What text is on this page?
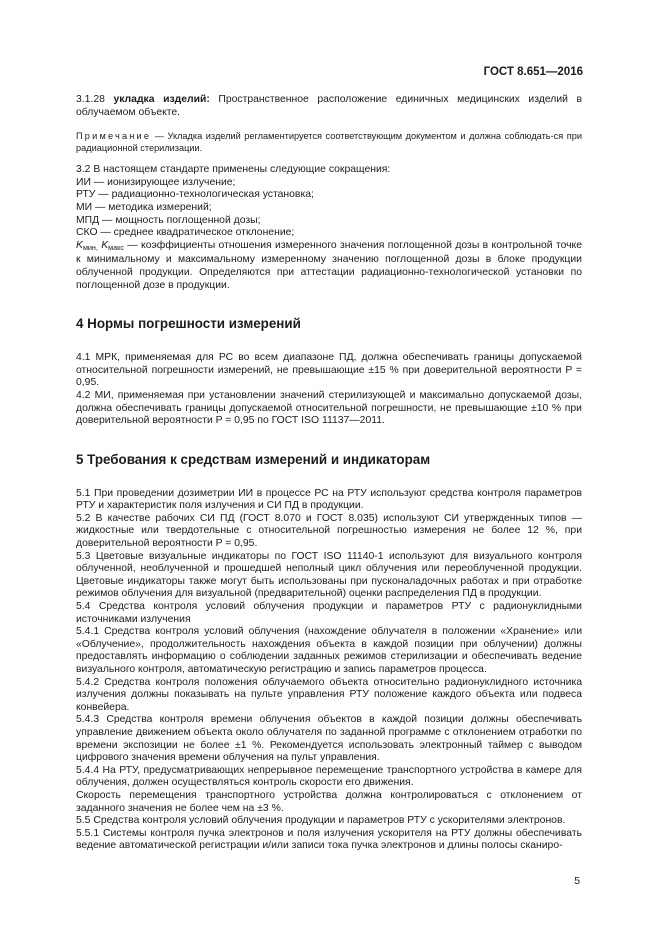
ГОСТ 8.651—2016

3.1.28 укладка изделий: Пространственное расположение единичных медицинских изделий в облучаемом объекте.

Примечание — Укладка изделий регламентируется соответствующим документом и должна соблюдать-ся при радиационной стерилизации.

3.2 В настоящем стандарте применены следующие сокращения:

ИИ — ионизирующее излучение;

РТУ — радиационно-технологическая установка;

МИ — методика измерений;

МПД — мощность поглощенной дозы;

СКО — среднее квадратическое отклонение;

$K_{мин,}$ $K_{макс}$ — коэффициенты отношения измеренного значения поглощенной дозы в контрольной точке к минимальному и максимальному измеренному значению поглощенной дозы в блоке продукции облученной продукции. Определяются при аттестации радиационно-технологической установки по поглощенной дозе в продукции.

4 Нормы погрешности измерений

4.1 МРК, применяемая для РС во всем диапазоне ПД, должна обеспечивать границы допускаемой относительной погрешности измерений, не превышающие ±15 % при доверительной вероятности P = 0,95.

4.2 МИ, применяемая при установлении значений стерилизующей и максимально допускаемой дозы, должна обеспечивать границы допускаемой относительной погрешности, не превышающие ±10 % при доверительной вероятности P = 0,95 по ГОСТ ISO 11137—2011.

5 Требования к средствам измерений и индикаторам

5.1 При проведении дозиметрии ИИ в процессе РС на РТУ используют средства контроля параметров РТУ и характеристик поля излучения и СИ ПД в продукции.

5.2 В качестве рабочих СИ ПД (ГОСТ 8.070 и ГОСТ 8.035) используют СИ утвержденных типов — жидкостные или твердотельные с относительной погрешностью измерения не более 12 %, при доверительной вероятности P = 0,95.

5.3 Цветовые визуальные индикаторы по ГОСТ ISO 11140-1 используют для визуального контроля облученной, необлученной и прошедшей неполный цикл облучения или переоблученной продукции. Цветовые индикаторы также могут быть использованы при пусконаладочных работах и при отработке режимов облучения для визуальной (предварительной) оценки распределения ПД в продукции.

5.4 Средства контроля условий облучения продукции и параметров РТУ с радионуклидными источниками излучения

5.4.1 Средства контроля условий облучения (нахождение облучателя в положении «Хранение» или «Облучение», продолжительность нахождения объекта в каждой позиции при облучении) должны предоставлять информацию о соблюдении заданных режимов стерилизации и обеспечивать ведение визуального контроля, автоматическую регистрацию и запись параметров процесса.

5.4.2 Средства контроля положения облучаемого объекта относительно радионуклидного источника излучения должны показывать на пульте управления РТУ положение каждого объекта или подвеса конвейера.

5.4.3 Средства контроля времени облучения объектов в каждой позиции должны обеспечивать управление движением объекта около облучателя по заданной программе с отклонением отработки по времени экспозиции не более ±1 %. Рекомендуется использовать электронный таймер с выводом цифрового значения времени облучения на пульт управления.

5.4.4 На РТУ, предусматривающих непрерывное перемещение транспортного устройства в камере для облучения, должен осуществляться контроль скорости его движения.

Скорость перемещения транспортного устройства должна контролироваться с отклонением от заданного значения не более чем на ±3 %.

5.5 Средства контроля условий облучения продукции и параметров РТУ с ускорителями электронов.

5.5.1 Системы контроля пучка электронов и поля излучения ускорителя на РТУ должны обеспечивать ведение автоматической регистрации и/или записи тока пучка электронов и длины полосы сканиро-

5
